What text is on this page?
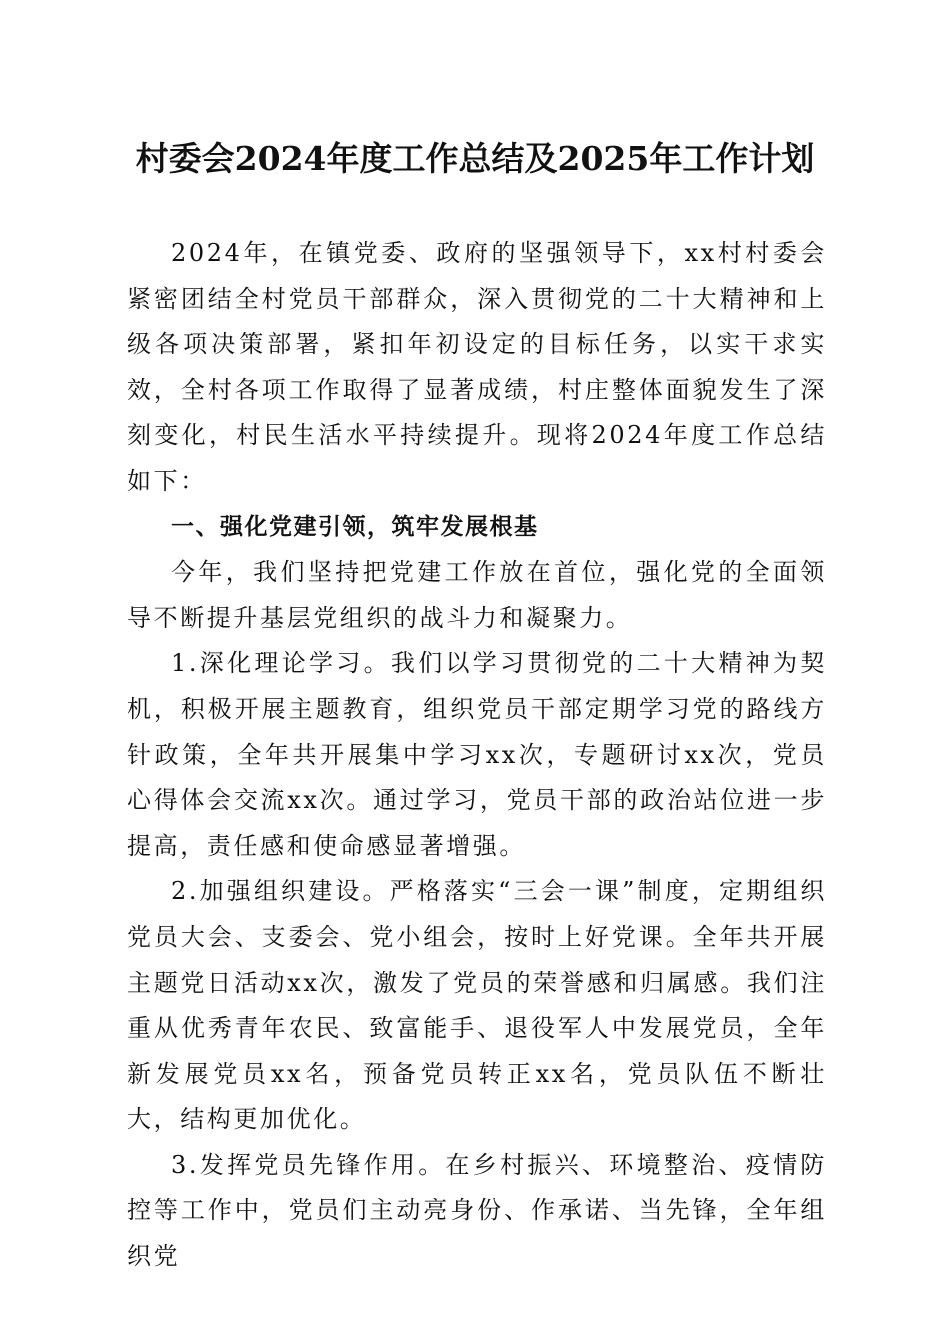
村委会2024年度工作总结及2025年工作计划

2024年，在镇党委、政府的坚强领导下，xx村村委会紧密团结全村党员干部群众，深入贯彻党的二十大精神和上级各项决策部署，紧扣年初设定的目标任务，以实干求实效，全村各项工作取得了显著成绩，村庄整体面貌发生了深刻变化，村民生活水平持续提升。现将2024年度工作总结如下：

一、强化党建引领，筑牢发展根基

今年，我们坚持把党建工作放在首位，强化党的全面领导不断提升基层党组织的战斗力和凝聚力。

1.深化理论学习。我们以学习贯彻党的二十大精神为契机，积极开展主题教育，组织党员干部定期学习党的路线方针政策，全年共开展集中学习xx次，专题研讨xx次，党员心得体会交流xx次。通过学习，党员干部的政治站位进一步提高，责任感和使命感显著增强。

2.加强组织建设。严格落实“三会一课”制度，定期组织党员大会、支委会、党小组会，按时上好党课。全年共开展主题党日活动xx次，激发了党员的荣誉感和归属感。我们注重从优秀青年农民、致富能手、退役军人中发展党员，全年新发展党员xx名，预备党员转正xx名，党员队伍不断壮大，结构更加优化。

3.发挥党员先锋作用。在乡村振兴、环境整治、疫情防控等工作中，党员们主动亮身份、作承诺、当先锋，全年组织党
